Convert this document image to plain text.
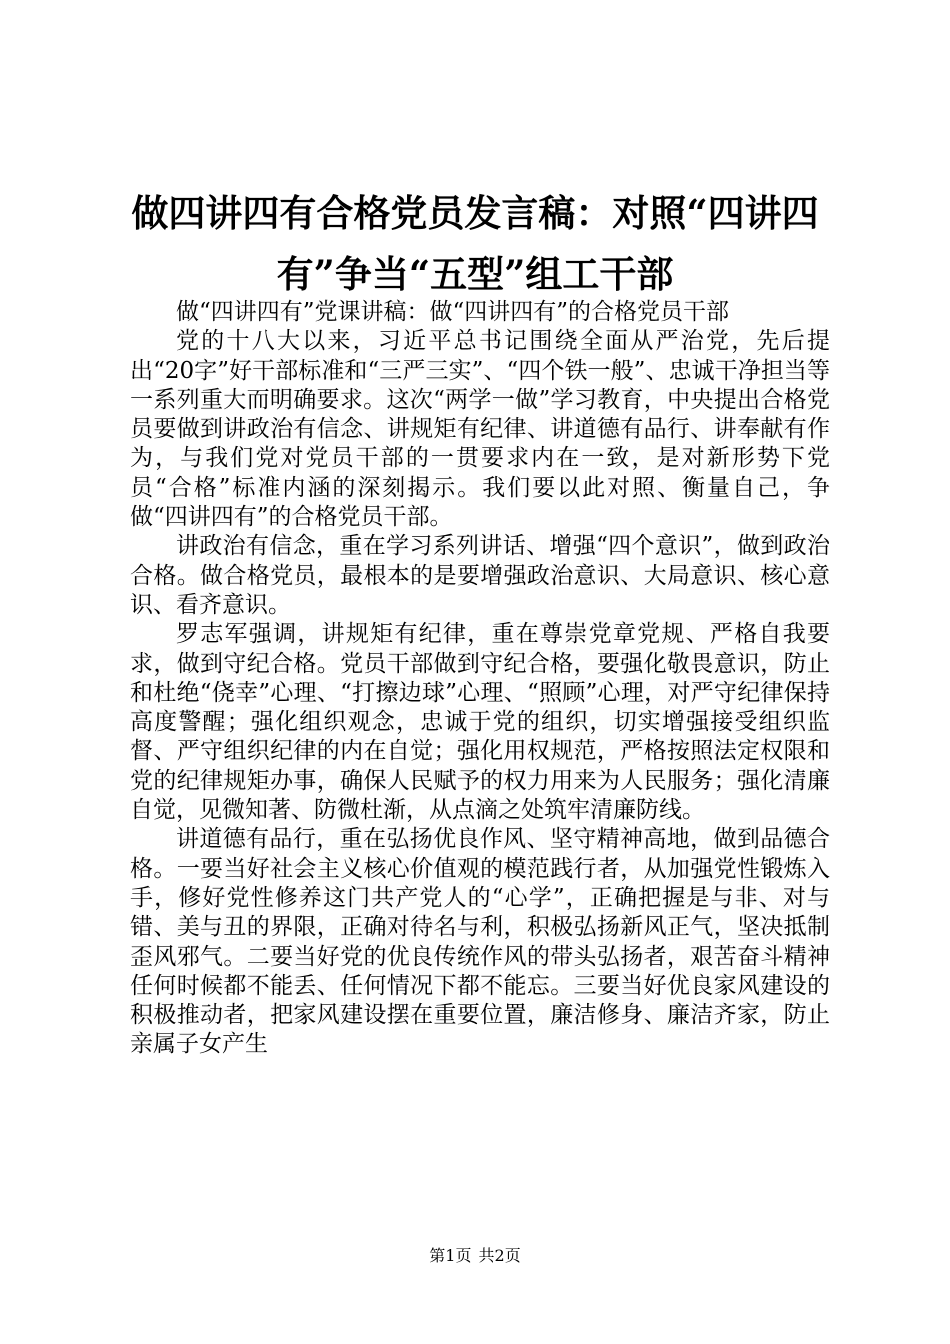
做四讲四有合格党员发言稿：对照“四讲四
有”争当“五型”组工干部

做“四讲四有”党课讲稿：做“四讲四有”的合格党员干部

党的十八大以来，习近平总书记围绕全面从严治党，先后提出“20字”好干部标准和“三严三实”、“四个铁一般”、忠诚干净担当等一系列重大而明确要求。这次“两学一做”学习教育，中央提出合格党员要做到讲政治有信念、讲规矩有纪律、讲道德有品行、讲奉献有作为，与我们党对党员干部的一贯要求内在一致，是对新形势下党员“合格”标准内涵的深刻揭示。我们要以此对照、衡量自己，争做“四讲四有”的合格党员干部。

讲政治有信念，重在学习系列讲话、增强“四个意识”，做到政治合格。做合格党员，最根本的是要增强政治意识、大局意识、核心意识、看齐意识。

罗志军强调，讲规矩有纪律，重在尊崇党章党规、严格自我要求，做到守纪合格。党员干部做到守纪合格，要强化敬畏意识，防止和杜绝“侥幸”心理、“打擦边球”心理、“照顾”心理，对严守纪律保持高度警醒；强化组织观念，忠诚于党的组织，切实增强接受组织监督、严守组织纪律的内在自觉；强化用权规范，严格按照法定权限和党的纪律规矩办事，确保人民赋予的权力用来为人民服务；强化清廉自觉，见微知著、防微杜渐，从点滴之处筑牢清廉防线。

讲道德有品行，重在弘扬优良作风、坚守精神高地，做到品德合格。一要当好社会主义核心价值观的模范践行者，从加强党性锻炼入手，修好党性修养这门共产党人的“心学”，正确把握是与非、对与错、美与丑的界限，正确对待名与利，积极弘扬新风正气，坚决抵制歪风邪气。二要当好党的优良传统作风的带头弘扬者，艰苦奋斗精神任何时候都不能丢、任何情况下都不能忘。三要当好优良家风建设的积极推动者，把家风建设摆在重要位置，廉洁修身、廉洁齐家，防止亲属子女产生

第1页 共2页
